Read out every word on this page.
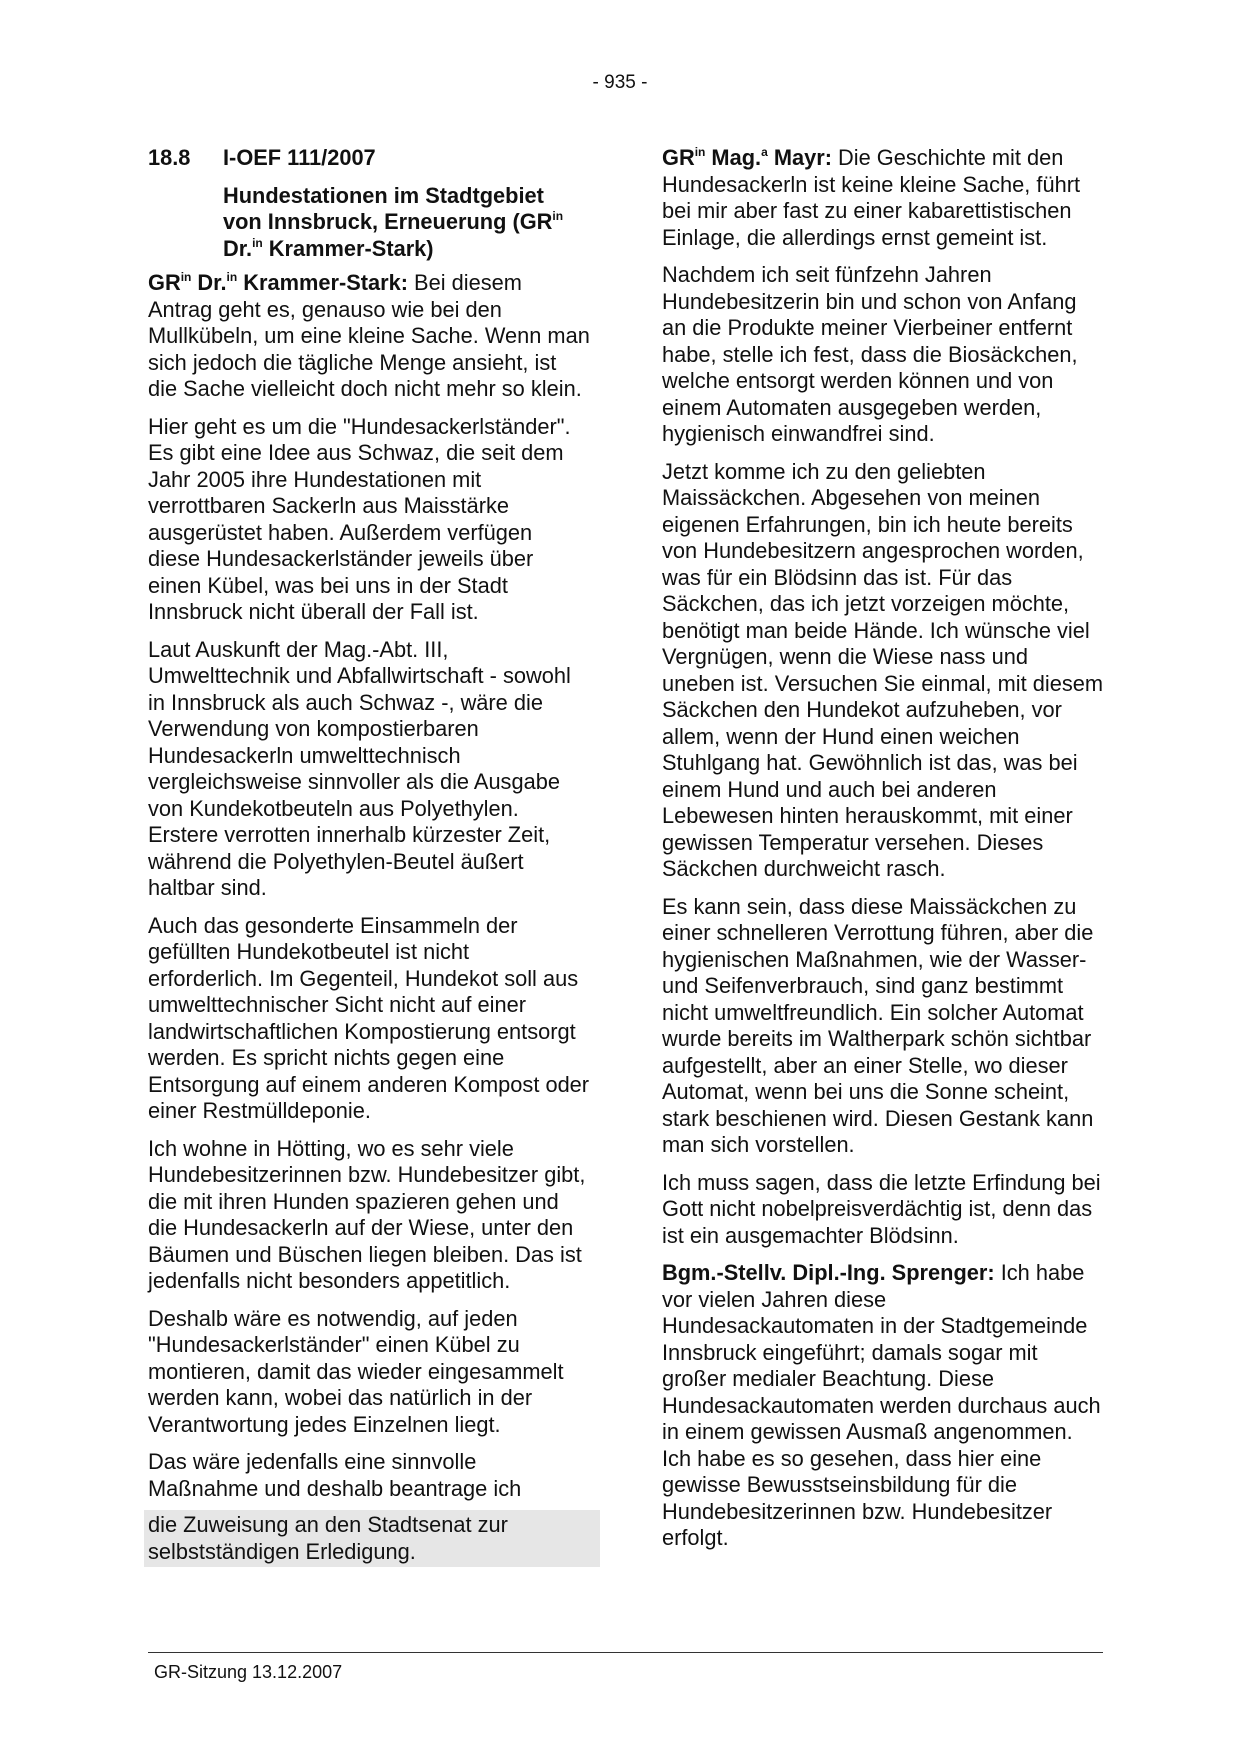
- 935 -
18.8	I-OEF 111/2007
Hundestationen im Stadtgebiet
von Innsbruck, Erneuerung ($GR^{in}$
Dr.$^{in}$ Krammer-Stark)

$GR^{in}$ Dr.$^{in}$ Krammer-Stark: Bei diesem Antrag geht es, genauso wie bei den Mullkübeln, um eine kleine Sache. Wenn man sich jedoch die tägliche Menge ansieht, ist die Sache vielleicht doch nicht mehr so klein.

Hier geht es um die "Hundesackerlständer". Es gibt eine Idee aus Schwaz, die seit dem Jahr 2005 ihre Hundestationen mit verrottbaren Sackerln aus Maisstärke ausgerüstet haben. Außerdem verfügen diese Hundesackerlständer jeweils über einen Kübel, was bei uns in der Stadt Innsbruck nicht überall der Fall ist.

Laut Auskunft der Mag.-Abt. III, Umwelttechnik und Abfallwirtschaft - sowohl in Innsbruck als auch Schwaz -, wäre die Verwendung von kompostierbaren Hundesackerln umwelttechnisch vergleichsweise sinnvoller als die Ausgabe von Kundekotbeuteln aus Polyethylen. Erstere verrotten innerhalb kürzester Zeit, während die Polyethylen-Beutel äußert haltbar sind.

Auch das gesonderte Einsammeln der gefüllten Hundekotbeutel ist nicht erforderlich. Im Gegenteil, Hundekot soll aus umwelttechnischer Sicht nicht auf einer landwirtschaftlichen Kompostierung entsorgt werden. Es spricht nichts gegen eine Entsorgung auf einem anderen Kompost oder einer Restmülldeponie.

Ich wohne in Hötting, wo es sehr viele Hundebesitzerinnen bzw. Hundebesitzer gibt, die mit ihren Hunden spazieren gehen und die Hundesackerln auf der Wiese, unter den Bäumen und Büschen liegen bleiben. Das ist jedenfalls nicht besonders appetitlich.

Deshalb wäre es notwendig, auf jeden "Hundesackerlständer" einen Kübel zu montieren, damit das wieder eingesammelt werden kann, wobei das natürlich in der Verantwortung jedes Einzelnen liegt.

Das wäre jedenfalls eine sinnvolle Maßnahme und deshalb beantrage ich

die Zuweisung an den Stadtsenat zur selbstständigen Erledigung.

$GR^{in}$ Mag.$^a$ Mayr: Die Geschichte mit den Hundesackerln ist keine kleine Sache, führt bei mir aber fast zu einer kabarettistischen Einlage, die allerdings ernst gemeint ist.

Nachdem ich seit fünfzehn Jahren Hundebesitzerin bin und schon von Anfang an die Produkte meiner Vierbeiner entfernt habe, stelle ich fest, dass die Biosäckchen, welche entsorgt werden können und von einem Automaten ausgegeben werden, hygienisch einwandfrei sind.

Jetzt komme ich zu den geliebten Maissäckchen. Abgesehen von meinen eigenen Erfahrungen, bin ich heute bereits von Hundebesitzern angesprochen worden, was für ein Blödsinn das ist. Für das Säckchen, das ich jetzt vorzeigen möchte, benötigt man beide Hände. Ich wünsche viel Vergnügen, wenn die Wiese nass und uneben ist. Versuchen Sie einmal, mit diesem Säckchen den Hundekot aufzuheben, vor allem, wenn der Hund einen weichen Stuhlgang hat. Gewöhnlich ist das, was bei einem Hund und auch bei anderen Lebewesen hinten herauskommt, mit einer gewissen Temperatur versehen. Dieses Säckchen durchweicht rasch.

Es kann sein, dass diese Maissäckchen zu einer schnelleren Verrottung führen, aber die hygienischen Maßnahmen, wie der Wasser- und Seifenverbrauch, sind ganz bestimmt nicht umweltfreundlich. Ein solcher Automat wurde bereits im Waltherpark schön sichtbar aufgestellt, aber an einer Stelle, wo dieser Automat, wenn bei uns die Sonne scheint, stark beschienen wird. Diesen Gestank kann man sich vorstellen.

Ich muss sagen, dass die letzte Erfindung bei Gott nicht nobelpreisverdächtig ist, denn das ist ein ausgemachter Blödsinn.

Bgm.-Stellv. Dipl.-Ing. Sprenger: Ich habe vor vielen Jahren diese Hundesackautomaten in der Stadtgemeinde Innsbruck eingeführt; damals sogar mit großer medialer Beachtung. Diese Hundesackautomaten werden durchaus auch in einem gewissen Ausmaß angenommen. Ich habe es so gesehen, dass hier eine gewisse Bewusstseinsbildung für die Hundebesitzerinnen bzw. Hundebesitzer erfolgt.

GR-Sitzung 13.12.2007
